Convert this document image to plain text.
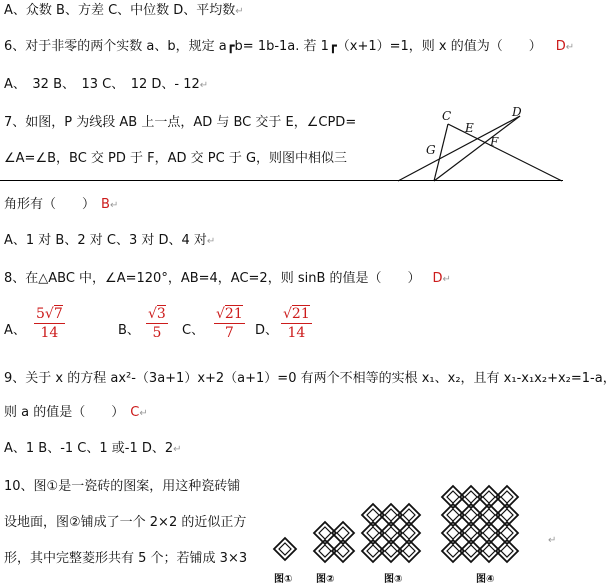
A、众数 B、方差 C、中位数 D、平均数↵
6、对于非零的两个实数 a、b，规定 a┏b= 1b-1a. 若 1┏（x+1）=1，则 x 的值为（　　） D↵
A、　32 B、　13 C、　12 D、- 12↵
7、如图，P 为线段 AB 上一点，AD 与 BC 交于 E，∠CPD=
∠A=∠B，BC 交 PD 于 F，AD 交 PC 于 G，则图中相似三
C	D
E
F
G
角形有（　　） B↵
A、1 对 B、2 对 C、3 对 D、4 对↵
8、在△ABC 中，∠A=120°，AB=4，AC=2，则 sinB 的值是（　　） D↵
A、 $\frac{5√7}{14}$	B、 $\frac{√3}{5}$ C、 $\frac{√21}{7}$ D、 $\frac{√21}{14}$
9、关于 x 的方程 ax²-（3a+1）x+2（a+1）=0 有两个不相等的实根 x₁、x₂，且有 x₁-x₁x₂+x₂=1-a，
则 a 的值是（　　） C↵
A、1 B、-1 C、1 或-1 D、2↵
10、图①是一瓷砖的图案，用这种瓷砖铺
设地面，图②铺成了一个 2×2 的近似正方
形，其中完整菱形共有 5 个；若铺成 3×3
图① 图②	图③	图④
↵
